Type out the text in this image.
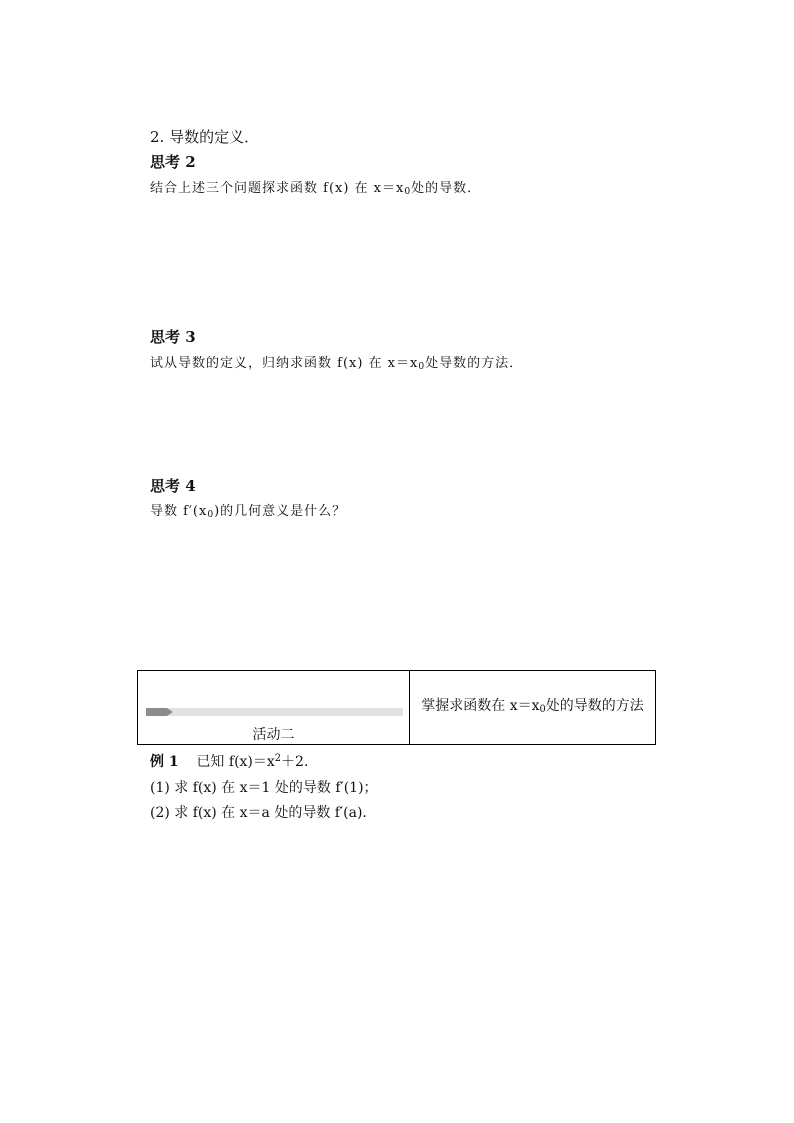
2. 导数的定义．
思考 2
结合上述三个问题探求函数 f(x) 在 $x=x_0$处的导数．
思考 3
试从导数的定义，归纳求函数 f(x) 在 $x=x_0$处导数的方法．
思考 4
导数 $f'(x_0)$的几何意义是什么？
活动二
掌握求函数在 $x=x_0$处的导数的方法
例 1 已知 $f(x)=x^2+2$.
(1) 求 f(x) 在 x＝1 处的导数 f′(1)；
(2) 求 f(x) 在 x＝a 处的导数 f′(a)．
